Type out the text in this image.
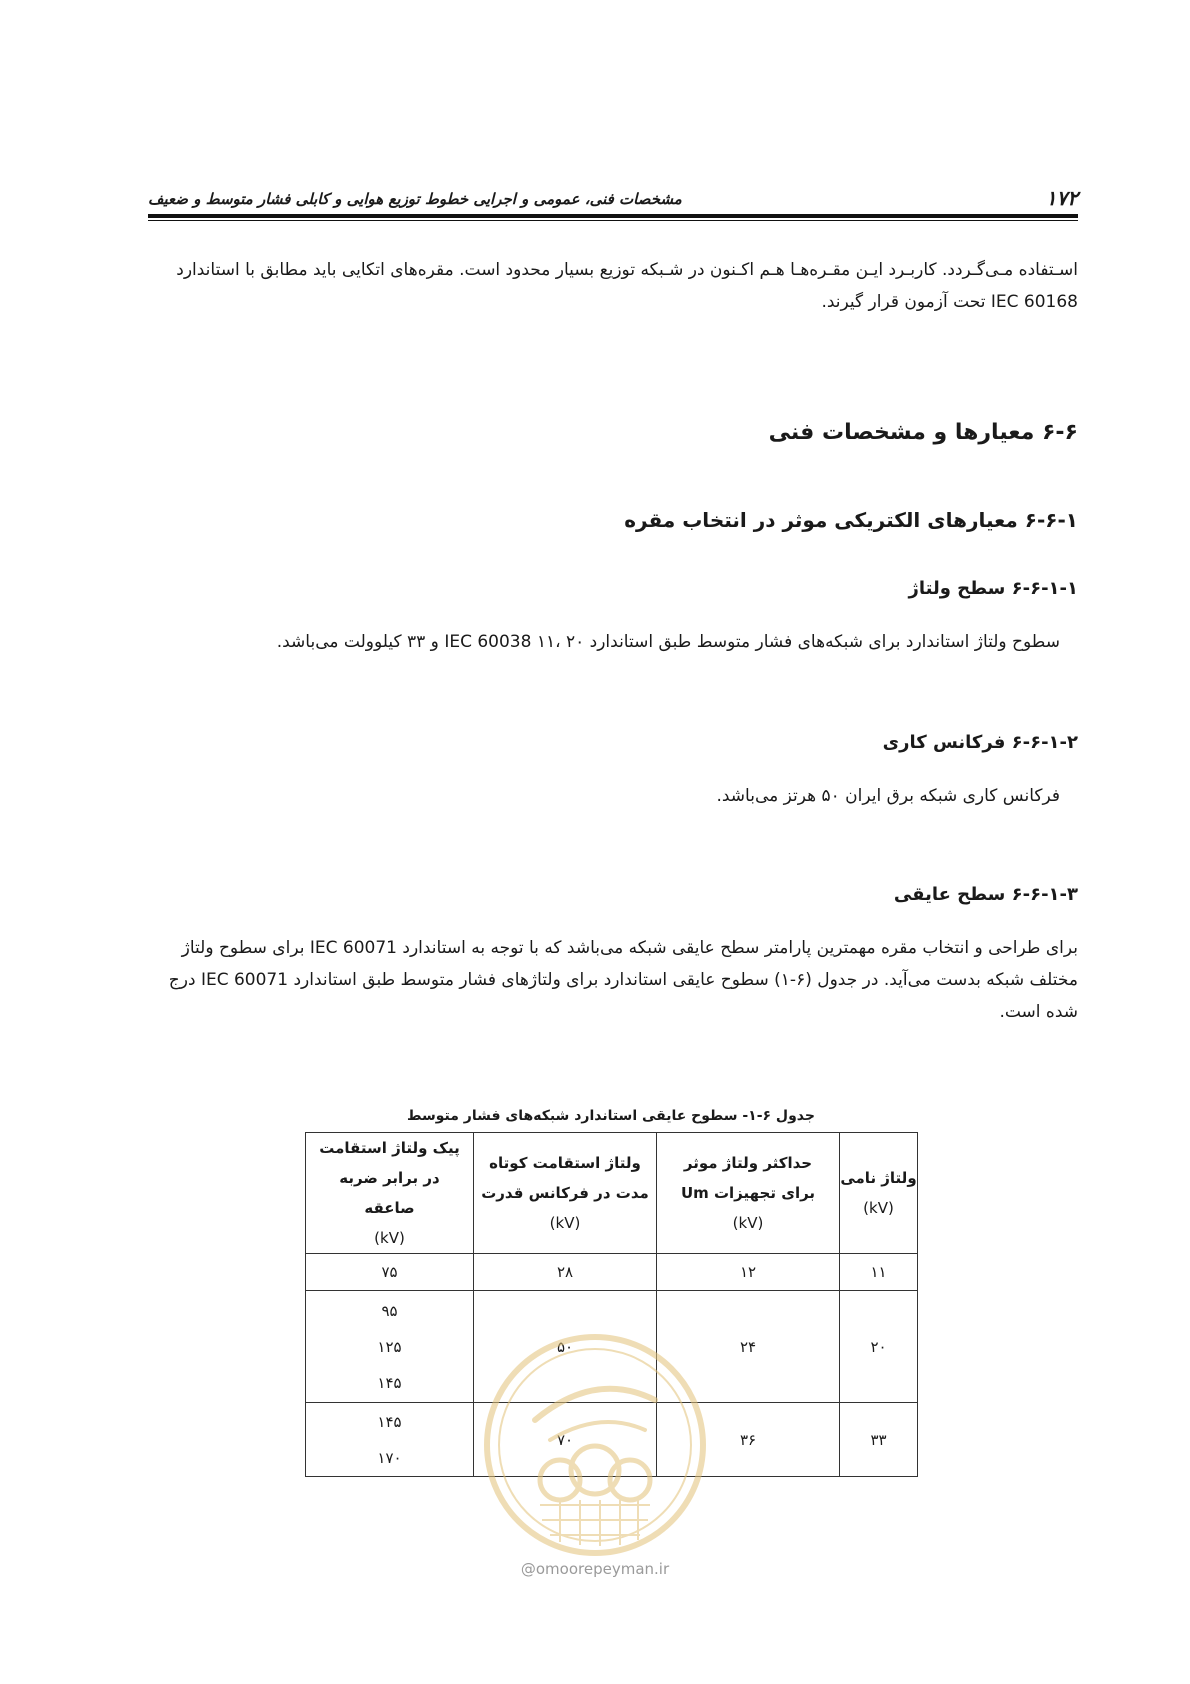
۱۷۲
مشخصات فنی، عمومی و اجرایی خطوط توزیع هوایی و کابلی فشار متوسط و ضعیف
اسـتفاده مـی‌گـردد. کاربـرد ایـن مقـره‌هـا هـم اکـنون در شـبکه توزیع بسیار محدود است. مقره‌های اتکایی باید مطابق با استاندارد
IEC 60168 تحت آزمون قرار گیرند.
۶-۶ معیارها و مشخصات فنی
۶-۶-۱ معیارهای الکتریکی موثر در انتخاب مقره
۶-۶-۱-۱ سطح ولتاژ
سطوح ولتاژ استاندارد برای شبکه‌های فشار متوسط طبق استاندارد IEC 60038 ۱۱، ۲۰ و ۳۳ کیلوولت می‌باشد.
۶-۶-۱-۲ فرکانس کاری
فرکانس کاری شبکه برق ایران ۵۰ هرتز می‌باشد.
۶-۶-۱-۳ سطح عایقی
برای طراحی و انتخاب مقره مهمترین پارامتر سطح عایقی شبکه می‌باشد که با توجه به استاندارد IEC 60071 برای سطوح ولتاژ
مختلف شبکه بدست می‌آید. در جدول (۶-۱) سطوح عایقی استاندارد برای ولتاژهای فشار متوسط طبق استاندارد IEC 60071 درج
شده است.
جدول ۶-۱- سطوح عایقی استاندارد شبکه‌های فشار متوسط
ولتاژ نامی
(kV)	حداکثر ولتاژ موثر
برای تجهیزات Um
(kV)	ولتاژ استقامت کوتاه
مدت در فرکانس قدرت
(kV)	پیک ولتاژ استقامت
در برابر ضربه
صاعقه
(kV)

۱۱	۱۲	۲۸	۷۵
۲۰	۲۴	۵۰	۹۵
۱۲۵
۱۴۵

۳۳	۳۶	۷۰	۱۴۵
۱۷۰
@omoorepeyman.ir
